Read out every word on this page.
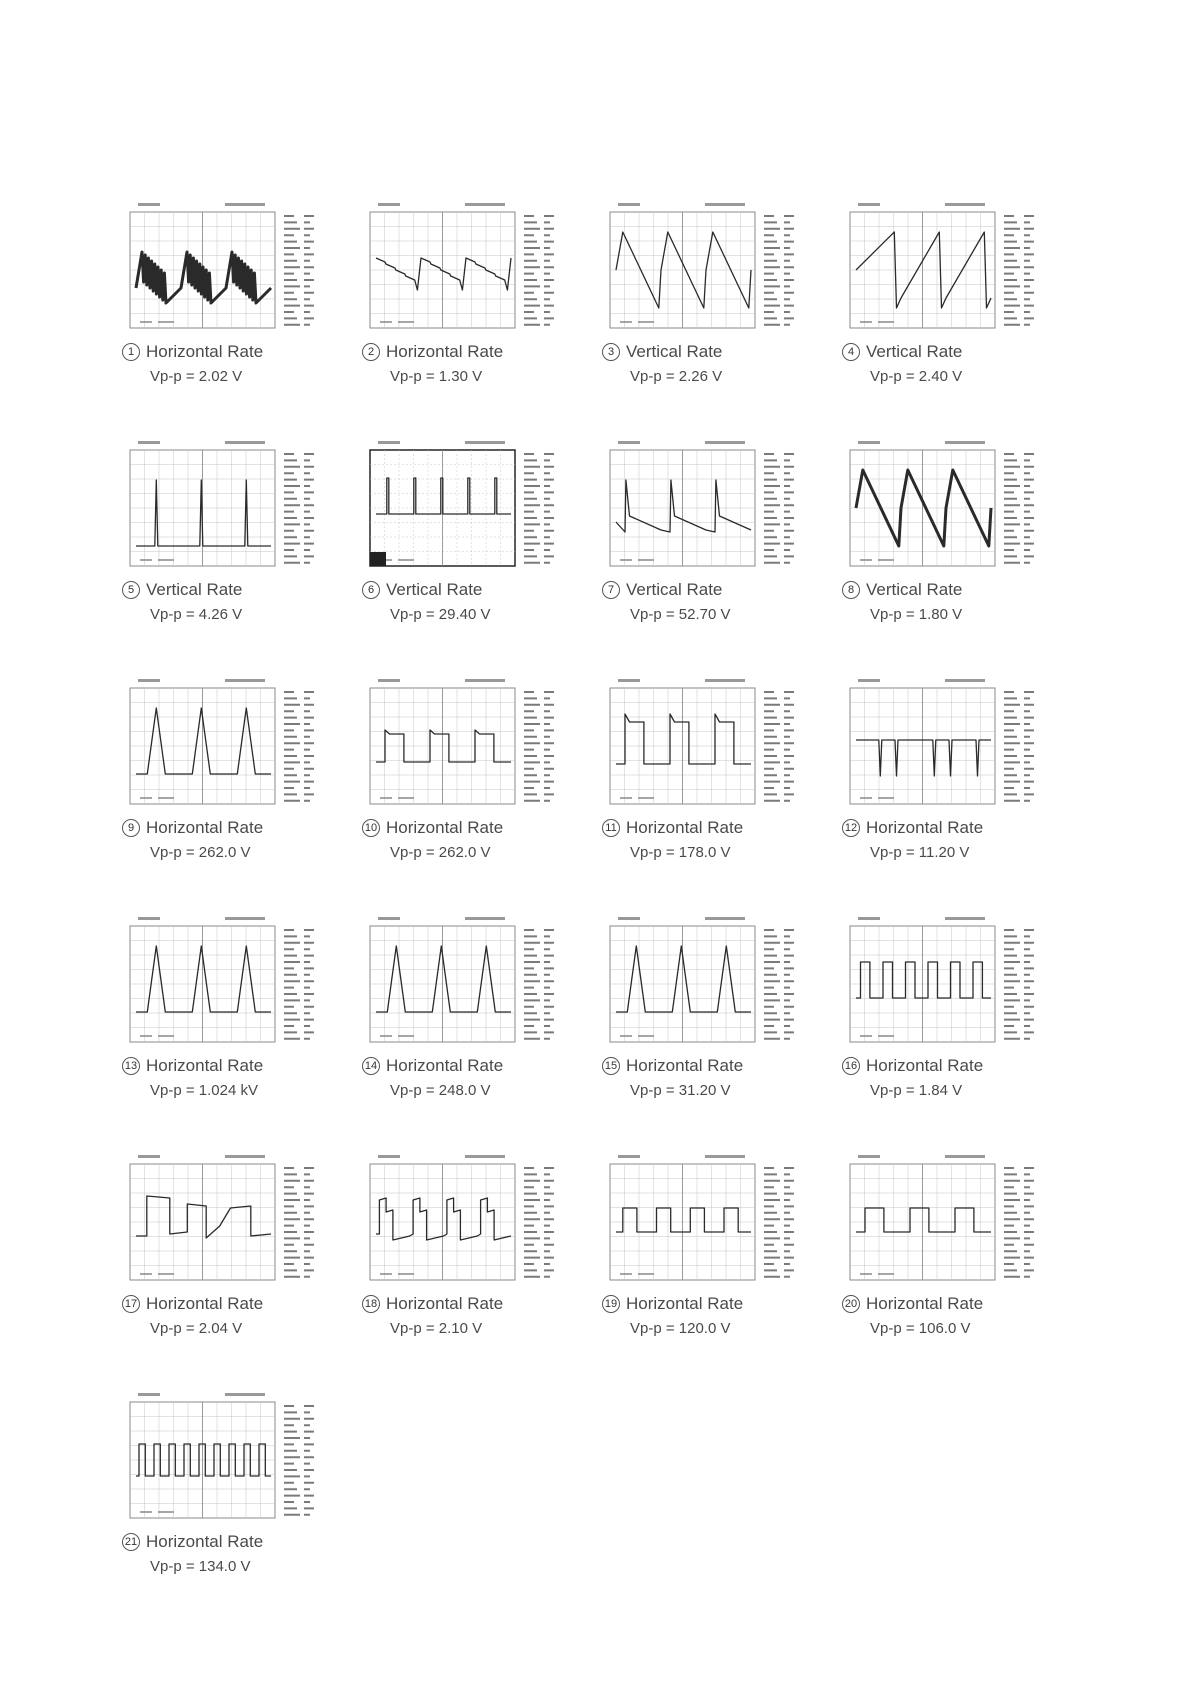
1 Horizontal Rate
Vp-p = 2.02 V
2 Horizontal Rate
Vp-p = 1.30 V
3 Vertical Rate
Vp-p = 2.26 V
4 Vertical Rate
Vp-p = 2.40 V
5 Vertical Rate
Vp-p = 4.26 V
6 Vertical Rate
Vp-p = 29.40 V
7 Vertical Rate
Vp-p = 52.70 V
8 Vertical Rate
Vp-p = 1.80 V
9 Horizontal Rate
Vp-p = 262.0 V
10 Horizontal Rate
Vp-p = 262.0 V
11 Horizontal Rate
Vp-p = 178.0 V
12 Horizontal Rate
Vp-p = 11.20 V
13 Horizontal Rate
Vp-p = 1.024 kV
14 Horizontal Rate
Vp-p = 248.0 V
15 Horizontal Rate
Vp-p = 31.20 V
16 Horizontal Rate
Vp-p = 1.84 V
17 Horizontal Rate
Vp-p = 2.04 V
18 Horizontal Rate
Vp-p = 2.10 V
19 Horizontal Rate
Vp-p = 120.0 V
20 Horizontal Rate
Vp-p = 106.0 V
21 Horizontal Rate
Vp-p = 134.0 V
